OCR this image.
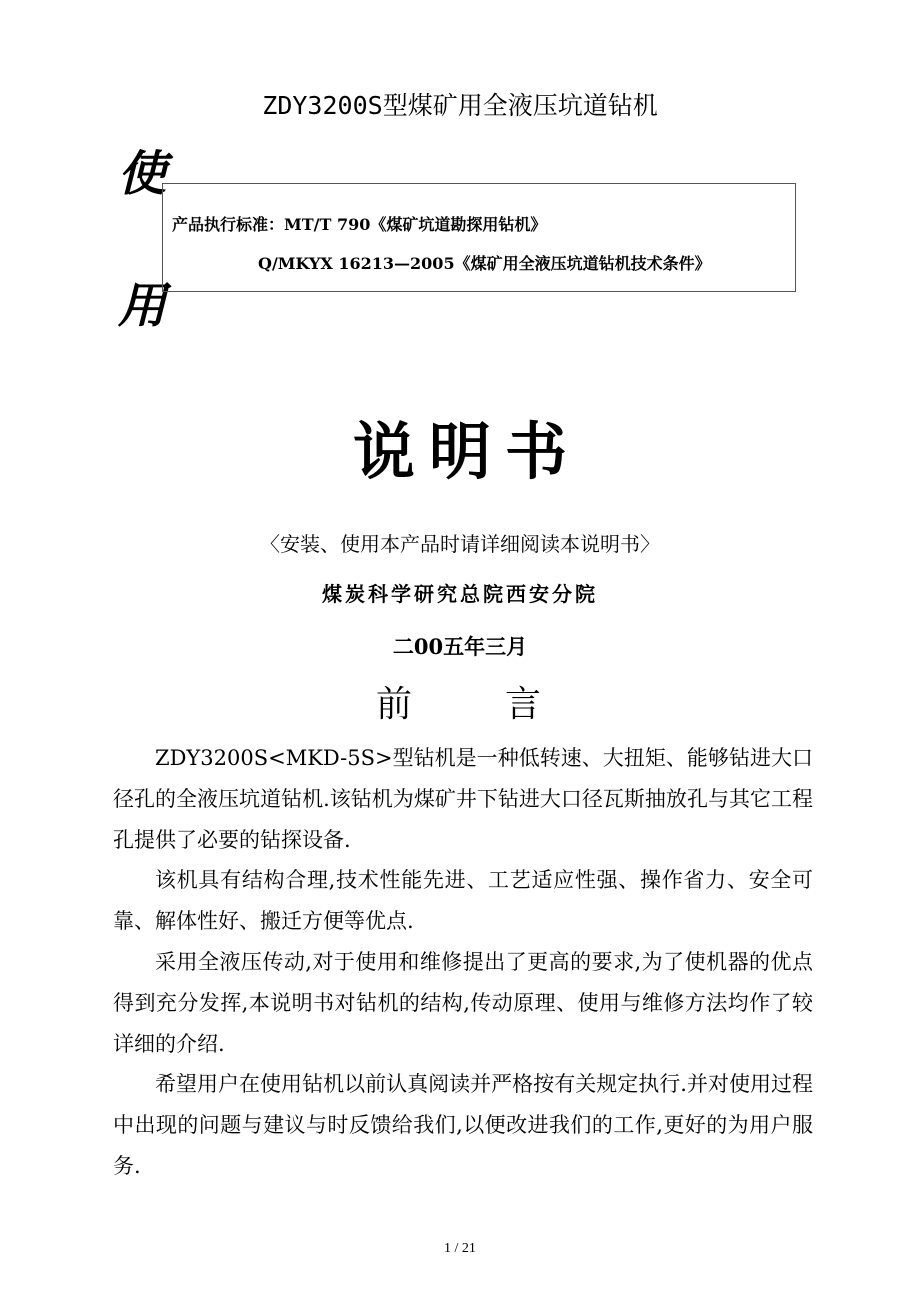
ZDY3200S型煤矿用全液压坑道钻机
使
用
产品执行标准：MT/T 790《煤矿坑道勘探用钻机》
Q/MKYX 16213—2005《煤矿用全液压坑道钻机技术条件》
说明书
〈安装、使用本产品时请详细阅读本说明书〉
煤炭科学研究总院西安分院
二00五年三月
前	言

ZDY3200S<MKD-5S>型钻机是一种低转速、大扭矩、能够钻进大口径孔的全液压坑道钻机.该钻机为煤矿井下钻进大口径瓦斯抽放孔与其它工程孔提供了必要的钻探设备.

该机具有结构合理,技术性能先进、工艺适应性强、操作省力、安全可靠、解体性好、搬迁方便等优点.

采用全液压传动,对于使用和维修提出了更高的要求,为了使机器的优点得到充分发挥,本说明书对钻机的结构,传动原理、使用与维修方法均作了较详细的介绍.

希望用户在使用钻机以前认真阅读并严格按有关规定执行.并对使用过程中出现的问题与建议与时反馈给我们,以便改进我们的工作,更好的为用户服务.

1 / 21
